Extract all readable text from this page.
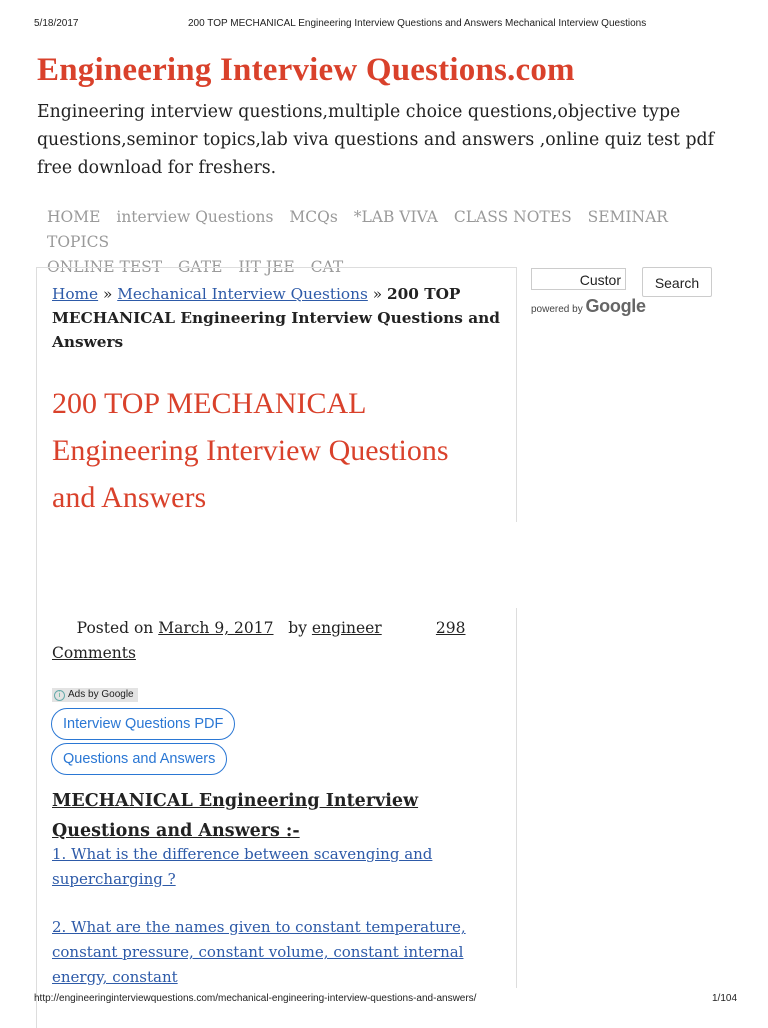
5/18/2017	200 TOP MECHANICAL Engineering Interview Questions and Answers Mechanical Interview Questions
Engineering Interview Questions.com
Engineering interview questions,multiple choice questions,objective type questions,seminor topics,lab viva questions and answers ,online quiz test pdf free download for freshers.
HOME interview Questions MCQs *LAB VIVA CLASS NOTES SEMINAR TOPICS
ONLINE TEST GATE IIT JEE CAT
Home » Mechanical Interview Questions » 200 TOP MECHANICAL Engineering Interview Questions and Answers
200 TOP MECHANICAL Engineering Interview Questions and Answers
Posted on March 9, 2017   by engineer	298
Comments
i Ads by Google
Interview Questions PDF
Questions and Answers
MECHANICAL Engineering Interview Questions and Answers :-
1. What is the difference between scavenging and supercharging ?
2. What are the names given to constant temperature, constant pressure, constant volume, constant internal energy, constant
Custor	Search
powered by Google
http://engineeringinterviewquestions.com/mechanical-engineering-interview-questions-and-answers/	1/104
